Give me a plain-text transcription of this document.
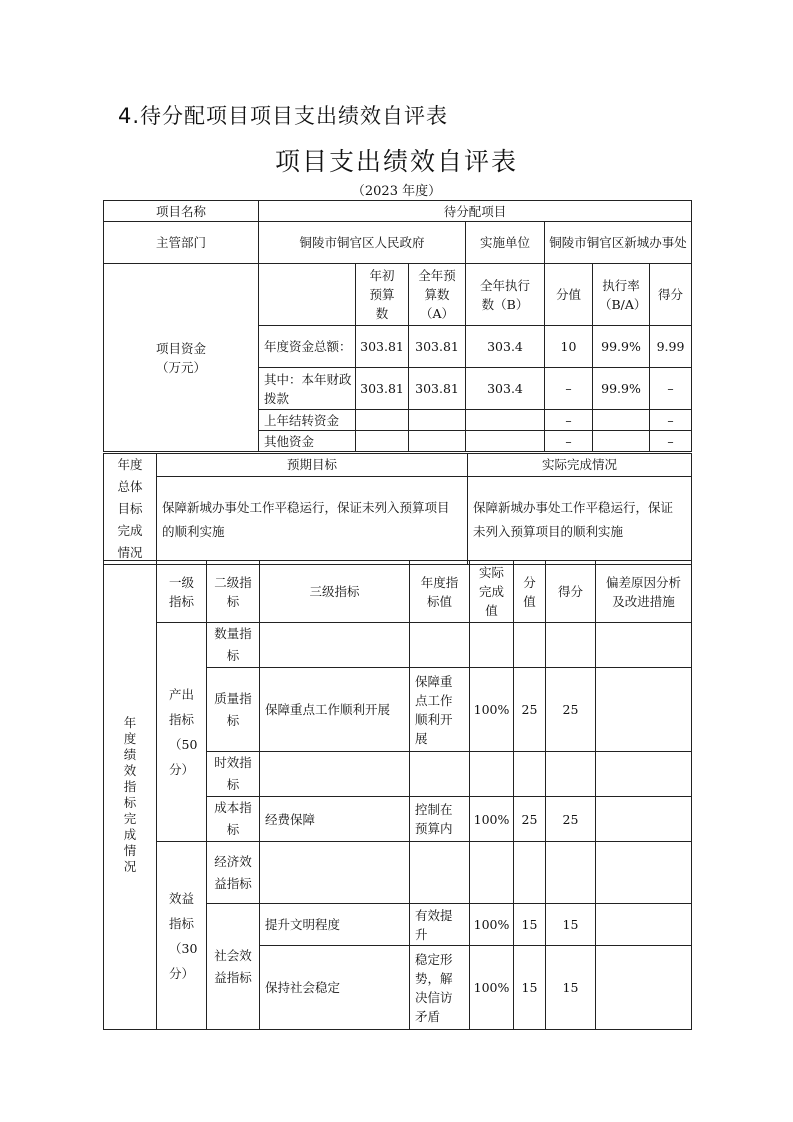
4.待分配项目项目支出绩效自评表
项目支出绩效自评表
（2023 年度）
项目名称	待分配项目						
主管部门	铜陵市铜官区人民政府			实施单位	铜陵市铜官区新城办事处		
项目资金（万元）		年初预算数	全年预算数（A）	全年执行数（B）	分值	执行率（B/A）	得分
	年度资金总额：	303.81	303.81	303.4	10	99.9%	9.99
	其中：本年财政拨款	303.81	303.81	303.4	–	99.9%	–
	上年结转资金				–		–
	其他资金				–		–
年度总体目标完成情况	预期目标	实际完成情况
	保障新城办事处工作平稳运行，保证未列入预算项目的顺利实施	保障新城办事处工作平稳运行，保证未列入预算项目的顺利实施
年度绩效指标完成情况	一级指标	二级指标	三级指标	年度指标值	实际完成值	分值	得分	偏差原因分析及改进措施
	产出指标（50分）	数量指标						
		质量指标	保障重点工作顺利开展	保障重点工作顺利开展	100%	25	25	
		时效指标						
		成本指标	经费保障	控制在预算内	100%	25	25	
	效益指标（30分）	经济效益指标						
		社会效益指标	提升文明程度	有效提升	100%	15	15	
			保持社会稳定	稳定形势，解决信访矛盾	100%	15	15	
